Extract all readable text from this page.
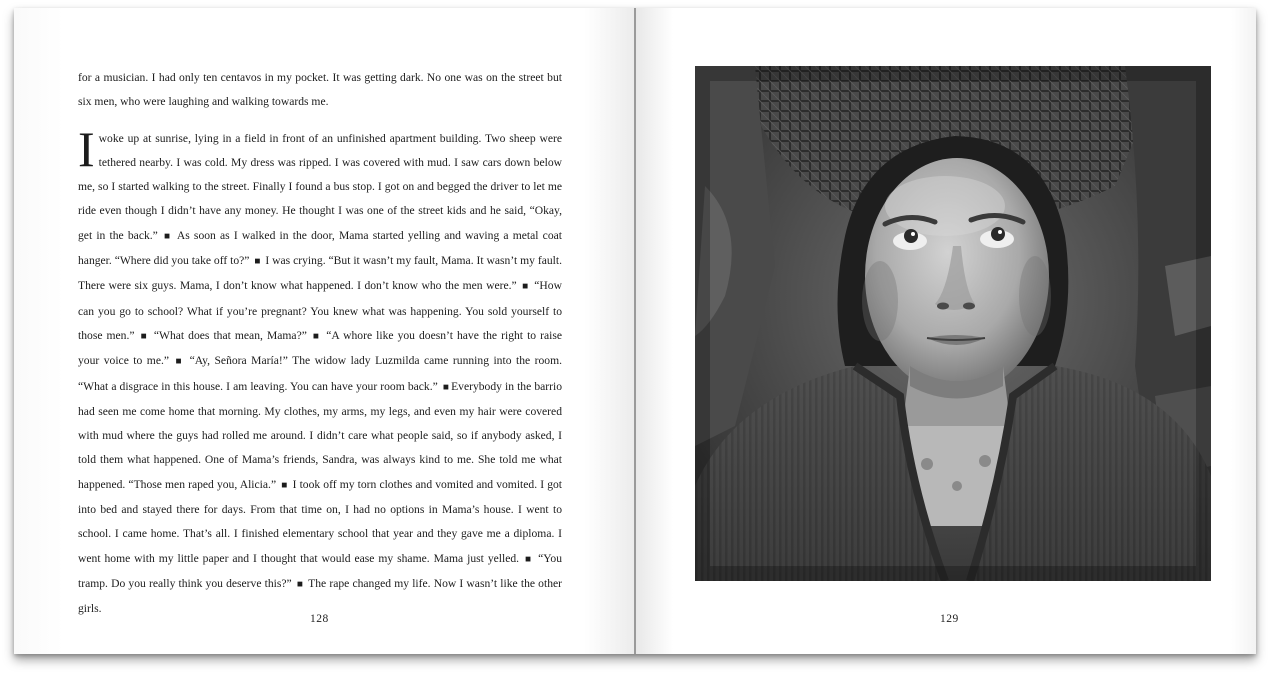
for a musician. I had only ten centavos in my pocket. It was getting dark. No one was on the street but six men, who were laughing and walking towards me.

Iwoke up at sunrise, lying in a field in front of an unfinished apartment building. Two sheep were tethered nearby. I was cold. My dress was ripped. I was covered with mud. I saw cars down below me, so I started walking to the street. Finally I found a bus stop. I got on and begged the driver to let me ride even though I didn’t have any money. He thought I was one of the street kids and he said, “Okay, get in the back.” ■ As soon as I walked in the door, Mama started yelling and waving a metal coat hanger. “Where did you take off to?” ■ I was crying. “But it wasn’t my fault, Mama. It wasn’t my fault. There were six guys. Mama, I don’t know what happened. I don’t know who the men were.” ■ “How can you go to school? What if you’re pregnant? You knew what was happening. You sold yourself to those men.” ■ “What does that mean, Mama?” ■ “A whore like you doesn’t have the right to raise your voice to me.” ■ “Ay, Señora María!” The widow lady Luzmilda came running into the room. “What a disgrace in this house. I am leaving. You can have your room back.” ■ Everybody in the barrio had seen me come home that morning. My clothes, my arms, my legs, and even my hair were covered with mud where the guys had rolled me around. I didn’t care what people said, so if anybody asked, I told them what happened. One of Mama’s friends, Sandra, was always kind to me. She told me what happened. “Those men raped you, Alicia.” ■ I took off my torn clothes and vomited and vomited. I got into bed and stayed there for days. From that time on, I had no options in Mama’s house. I went to school. I came home. That’s all. I finished elementary school that year and they gave me a diploma. I went home with my little paper and I thought that would ease my shame. Mama just yelled. ■ “You tramp. Do you really think you deserve this?” ■ The rape changed my life. Now I wasn’t like the other girls.

128	129
